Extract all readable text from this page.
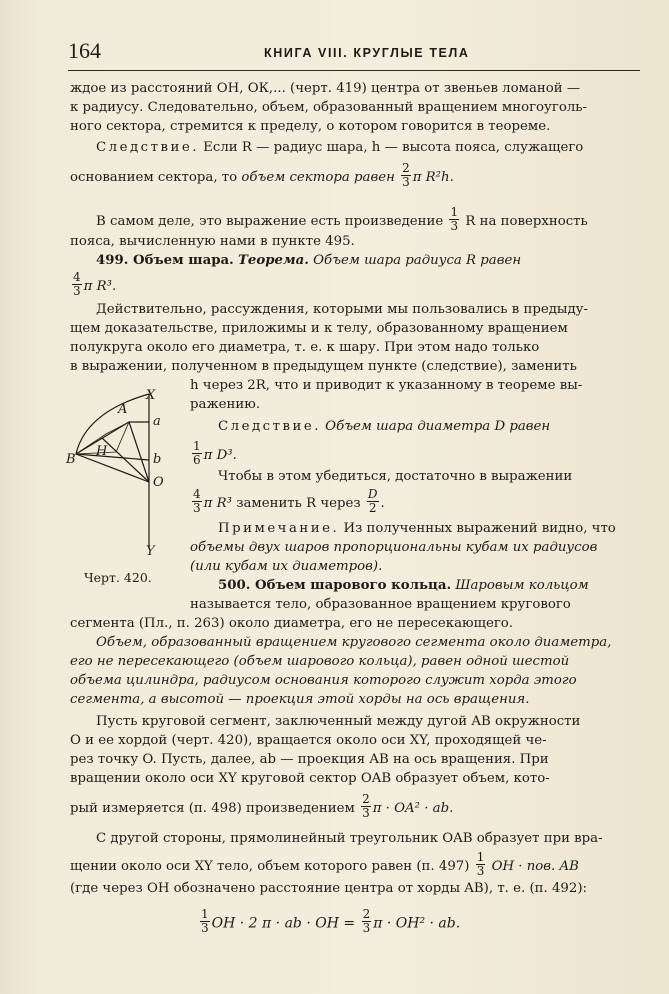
164	КНИГА VIII. КРУГЛЫЕ ТЕЛА
ждое из расстояний ОН, ОК,... (черт. 419) центра от звеньев ломаной —
к радиусу. Следовательно, объем, образованный вращением многоуголь-
ного сектора, стремится к пределу, о котором говорится в теореме.
Следствие. Если R — радиус шара, h — высота пояса, служащего
основанием сектора, то объем сектора равен $\frac{2}{3}$ π R²h.
В самом деле, это выражение есть произведение $\frac{1}{3}$ R на поверхность
пояса, вычисленную нами в пункте 495.
499. Объем шара. Теорема. Объем шара радиуса R равен
$\frac{4}{3}$ π R³.
Действительно, рассуждения, которыми мы пользовались в предыду-
щем доказательстве, приложимы и к телу, образованному вращением
полукруга около его диаметра, т. е. к шару. При этом надо только
в выражении, полученном в предыдущем пункте (следствие), заменить
h через 2R, что и приводит к указанному в теореме вы-
ражению.
Следствие. Объем шара диаметра D равен
$\frac{1}{6}$ π D³.
Чтобы в этом убедиться, достаточно в выражении
$\frac{4}{3}$ π R³ заменить R через $\frac{D}{2}$ .
Примечание. Из полученных выражений видно, что
объемы двух шаров пропорциональны кубам их радиусов
(или кубам их диаметров).
500. Объем шарового кольца. Шаровым кольцом
называется тело, образованное вращением кругового
сегмента (Пл., п. 263) около диаметра, его не пересекающего.
Объем, образованный вращением кругового сегмента около диаметра,
его не пересекающего (объем шарового кольца), равен одной шестой
объема цилиндра, радиусом основания которого служит хорда этого
сегмента, а высотой — проекция этой хорды на ось вращения.
Пусть круговой сегмент, заключенный между дугой AB окружности
O и ее хордой (черт. 420), вращается около оси XY, проходящей че-
рез точку O. Пусть, далее, ab — проекция AB на ось вращения. При
вращении около оси XY круговой сектор OAB образует объем, кото-
рый измеряется (п. 498) произведением $\frac{2}{3}$ π · OA² · ab.
С другой стороны, прямолинейный треугольник OAB образует при вра-
щении около оси XY тело, объем которого равен (п. $497) \frac{1}{3}$ OH · пов. AB
(где через OH обозначено расстояние центра от хорды AB), т. е. (п. 492):
$\frac{1}{3}$ OH · 2 π · ab · OH = $\frac{2}{3}$ π · OH² · ab.
A
X
a
B
H
b
O
Y
Черт. 420.
